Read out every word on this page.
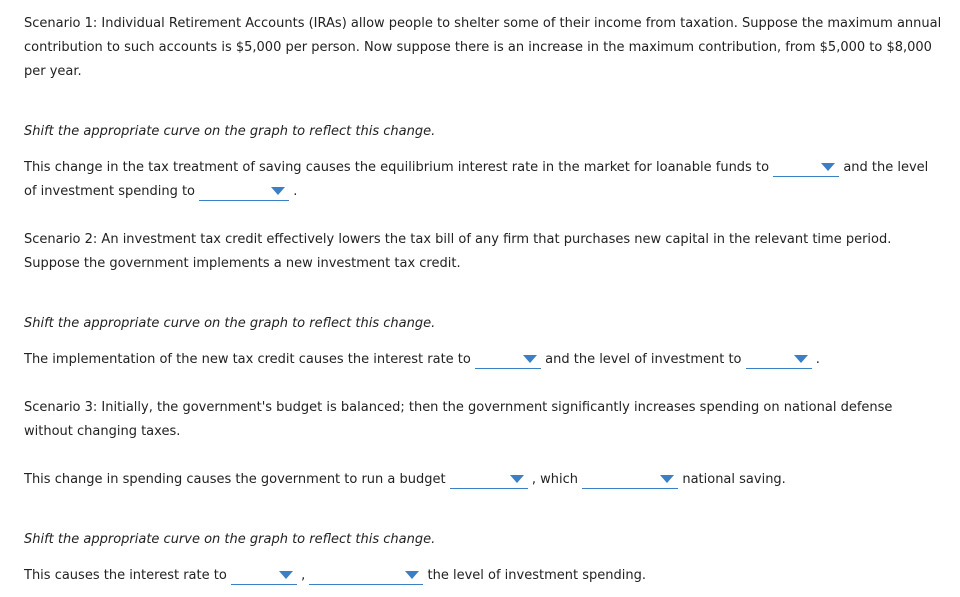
Scenario 1: Individual Retirement Accounts (IRAs) allow people to shelter some of their income from taxation. Suppose the maximum annual contribution to such accounts is $5,000 per person. Now suppose there is an increase in the maximum contribution, from $5,000 to $8,000 per year.
Shift the appropriate curve on the graph to reflect this change.
This change in the tax treatment of saving causes the equilibrium interest rate in the market for loanable funds to	and the level of investment spending to	.
Scenario 2: An investment tax credit effectively lowers the tax bill of any firm that purchases new capital in the relevant time period. Suppose the government implements a new investment tax credit.
Shift the appropriate curve on the graph to reflect this change.
The implementation of the new tax credit causes the interest rate to	and the level of investment to	.
Scenario 3: Initially, the government's budget is balanced; then the government significantly increases spending on national defense without changing taxes.
This change in spending causes the government to run a budget	, which	national saving.
Shift the appropriate curve on the graph to reflect this change.
This causes the interest rate to	,	the level of investment spending.
